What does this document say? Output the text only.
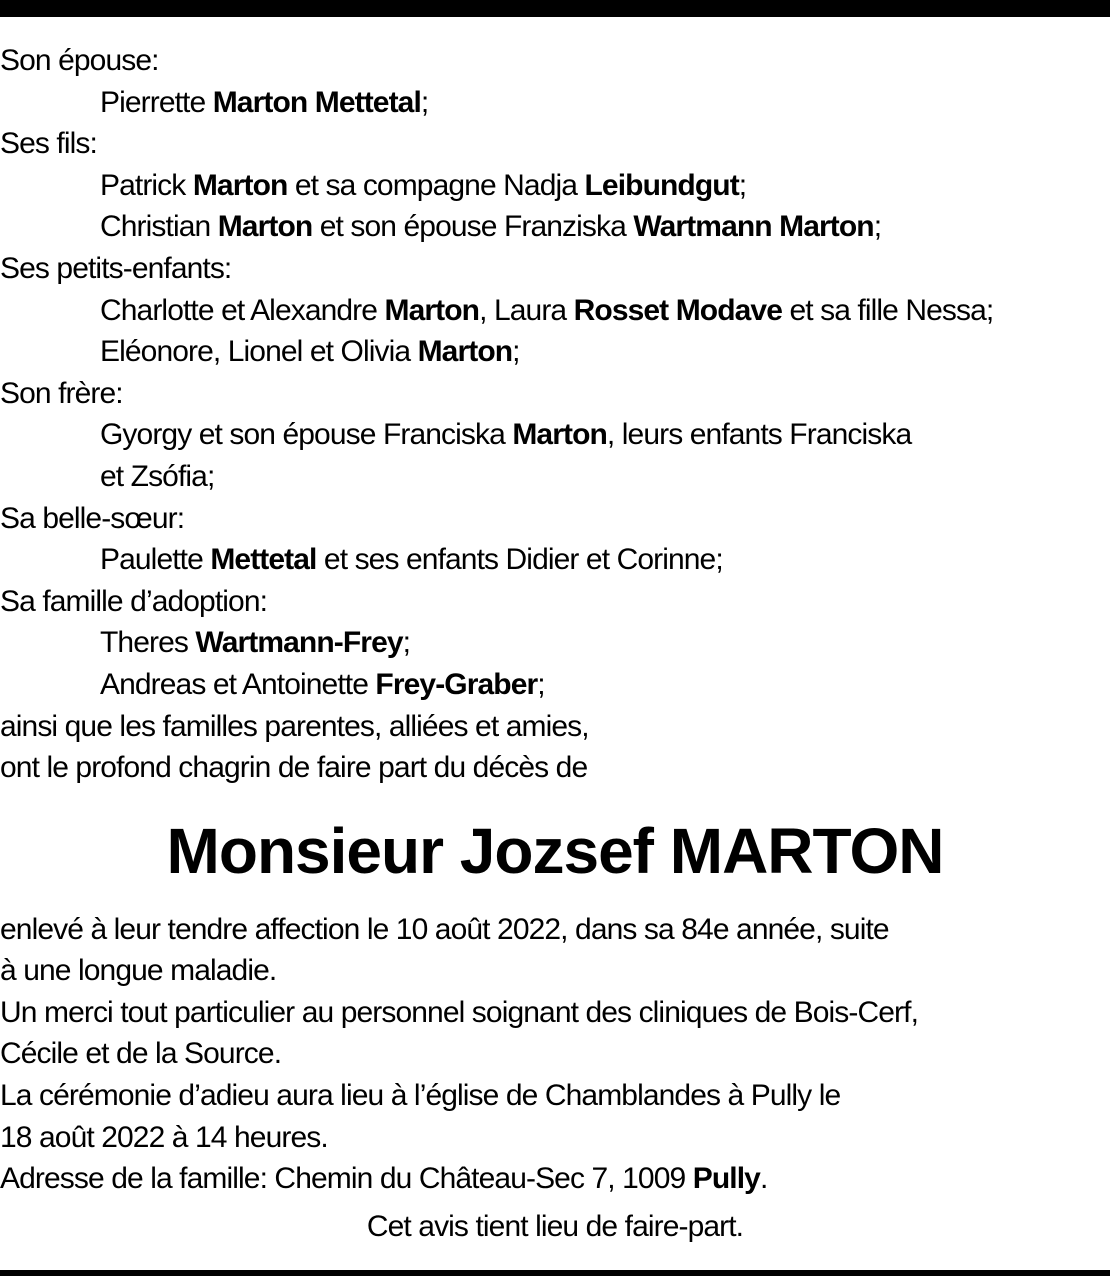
Son épouse:
Pierrette Marton Mettetal;
Ses fils:
Patrick Marton et sa compagne Nadja Leibundgut;
Christian Marton et son épouse Franziska Wartmann Marton;
Ses petits-enfants:
Charlotte et Alexandre Marton, Laura Rosset Modave et sa fille Nessa;
Eléonore, Lionel et Olivia Marton;
Son frère:
Gyorgy et son épouse Franciska Marton, leurs enfants Franciska
et Zsófia;
Sa belle-sœur:
Paulette Mettetal et ses enfants Didier et Corinne;
Sa famille d’adoption:
Theres Wartmann-Frey;
Andreas et Antoinette Frey-Graber;
ainsi que les familles parentes, alliées et amies,
ont le profond chagrin de faire part du décès de
Monsieur Jozsef MARTON
enlevé à leur tendre affection le 10 août 2022, dans sa 84e année, suite
à une longue maladie.
Un merci tout particulier au personnel soignant des cliniques de Bois-Cerf,
Cécile et de la Source.
La cérémonie d’adieu aura lieu à l’église de Chamblandes à Pully le
18 août 2022 à 14 heures.
Adresse de la famille: Chemin du Château-Sec 7, 1009 Pully.
Cet avis tient lieu de faire-part.
